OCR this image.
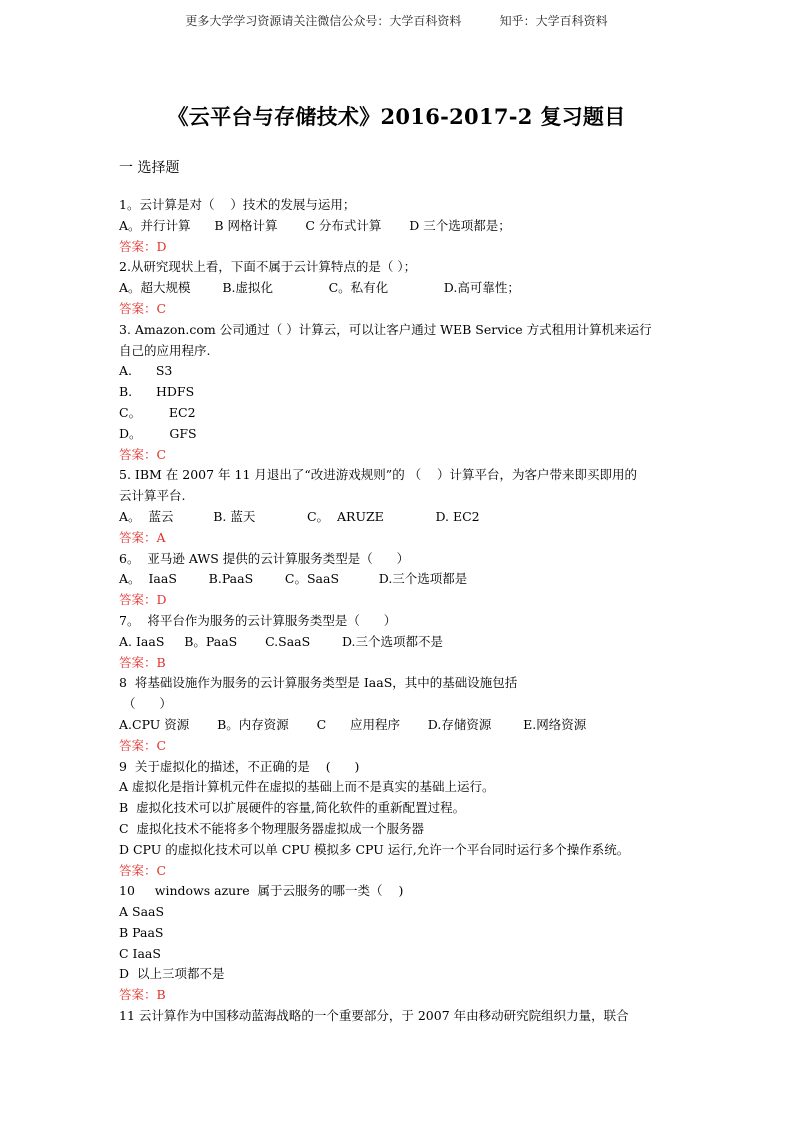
更多大学学习资源请关注微信公众号：大学百科资料          知乎：大学百科资料
《云平台与存储技术》2016-2017-2 复习题目
一 选择题
1。云计算是对（    ）技术的发展与运用；
A。并行计算      B 网格计算       C 分布式计算       D 三个选项都是；
答案：D
2.从研究现状上看，下面不属于云计算特点的是（ ）；
A。超大规模        B.虚拟化              C。私有化              D.高可靠性；
答案：C
3. Amazon.com 公司通过（ ）计算云，可以让客户通过 WEB Service 方式租用计算机来运行
自己的应用程序.
A.      S3
B.      HDFS
C。       EC2
D。       GFS
答案：C
5. IBM 在 2007 年 11 月退出了“改进游戏规则”的 （    ）计算平台，为客户带来即买即用的
云计算平台.
A。  蓝云          B. 蓝天             C。  ARUZE             D. EC2
答案：A
6。  亚马逊 AWS 提供的云计算服务类型是（      ）
A。  IaaS        B.PaaS        C。SaaS          D.三个选项都是
答案：D
7。  将平台作为服务的云计算服务类型是（      ）
A. IaaS     B。PaaS       C.SaaS        D.三个选项都不是
答案：B
8  将基础设施作为服务的云计算服务类型是 IaaS，其中的基础设施包括
（      ）
A.CPU 资源       B。内存资源       C      应用程序       D.存储资源        E.网络资源
答案：C
9  关于虚拟化的描述，不正确的是    (      )
A 虚拟化是指计算机元件在虚拟的基础上而不是真实的基础上运行。
B  虚拟化技术可以扩展硬件的容量,简化软件的重新配置过程。
C  虚拟化技术不能将多个物理服务器虚拟成一个服务器
D CPU 的虚拟化技术可以单 CPU 模拟多 CPU 运行,允许一个平台同时运行多个操作系统。
答案：C
10     windows azure  属于云服务的哪一类（    )
A SaaS
B PaaS
C IaaS
D  以上三项都不是
答案：B
11 云计算作为中国移动蓝海战略的一个重要部分，于 2007 年由移动研究院组织力量，联合
